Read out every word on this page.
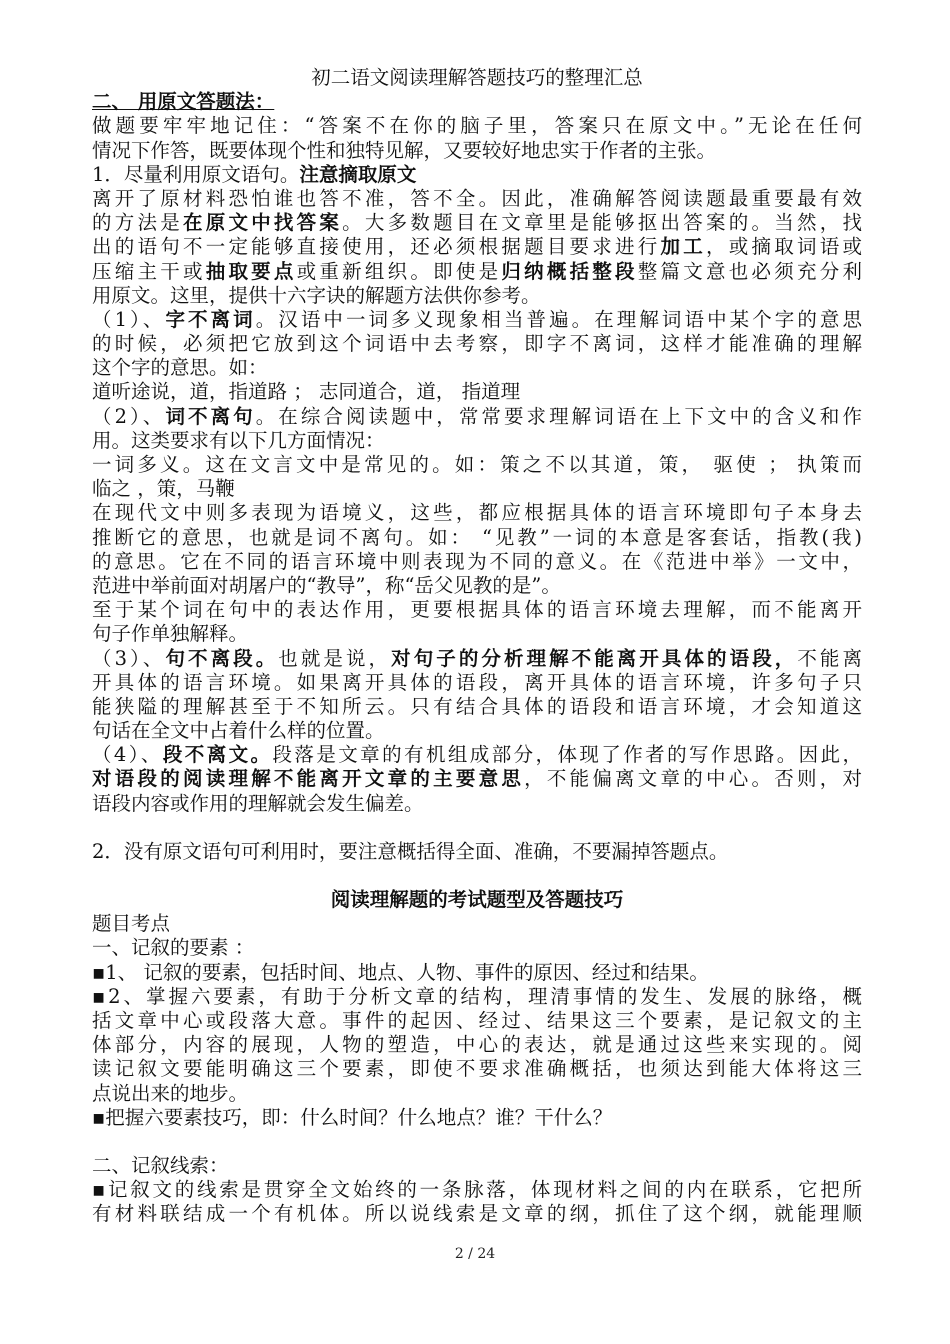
初二语文阅读理解答题技巧的整理汇总
二、 用原文答题法：
做题要牢牢地记住：“答案不在你的脑子里，答案只在原文中。”无论在任何
情况下作答，既要体现个性和独特见解，又要较好地忠实于作者的主张。
1．尽量利用原文语句。注意摘取原文
离开了原材料恐怕谁也答不准，答不全。因此，准确解答阅读题最重要最有效
的方法是在原文中找答案。大多数题目在文章里是能够抠出答案的。当然，找
出的语句不一定能够直接使用，还必须根据题目要求进行加工，或摘取词语或
压缩主干或抽取要点或重新组织。即使是归纳概括整段整篇文意也必须充分利
用原文。这里，提供十六字诀的解题方法供你参考。
（1）、字不离词。汉语中一词多义现象相当普遍。在理解词语中某个字的意思
的时候，必须把它放到这个词语中去考察，即字不离词，这样才能准确的理解
这个字的意思。如：
道听途说，道，指道路 ； 志同道合，道， 指道理
（2）、词不离句。在综合阅读题中，常常要求理解词语在上下文中的含义和作
用。这类要求有以下几方面情况：
一词多义。这在文言文中是常见的。如：策之不以其道，策， 驱使 ； 执策而
临之 ，策，马鞭
在现代文中则多表现为语境义，这些，都应根据具体的语言环境即句子本身去
推断它的意思，也就是词不离句。如： “见教”一词的本意是客套话，指教(我)
的意思。它在不同的语言环境中则表现为不同的意义。在《范进中举》一文中，
范进中举前面对胡屠户的“教导”，称“岳父见教的是”。
至于某个词在句中的表达作用，更要根据具体的语言环境去理解，而不能离开
句子作单独解释。
（3）、句不离段。也就是说，对句子的分析理解不能离开具体的语段，不能离
开具体的语言环境。如果离开具体的语段，离开具体的语言环境，许多句子只
能狭隘的理解甚至于不知所云。只有结合具体的语段和语言环境，才会知道这
句话在全文中占着什么样的位置。
（4）、段不离文。段落是文章的有机组成部分，体现了作者的写作思路。因此，
对语段的阅读理解不能离开文章的主要意思，不能偏离文章的中心。否则，对
语段内容或作用的理解就会发生偏差。
2．没有原文语句可利用时，要注意概括得全面、准确，不要漏掉答题点。
阅读理解题的考试题型及答题技巧
题目考点
一、记叙的要素 ：
▪1、 记叙的要素，包括时间、地点、人物、事件的原因、经过和结果。
▪2、掌握六要素，有助于分析文章的结构，理清事情的发生、发展的脉络，概
括文章中心或段落大意。事件的起因、经过、结果这三个要素，是记叙文的主
体部分，内容的展现，人物的塑造，中心的表达，就是通过这些来实现的。阅
读记叙文要能明确这三个要素，即使不要求准确概括，也须达到能大体将这三
点说出来的地步。
▪把握六要素技巧，即：什么时间？什么地点？谁？干什么？
二、记叙线索：
▪记叙文的线索是贯穿全文始终的一条脉落，体现材料之间的内在联系，它把所
有材料联结成一个有机体。所以说线索是文章的纲，抓住了这个纲，就能理顺
2 / 24
